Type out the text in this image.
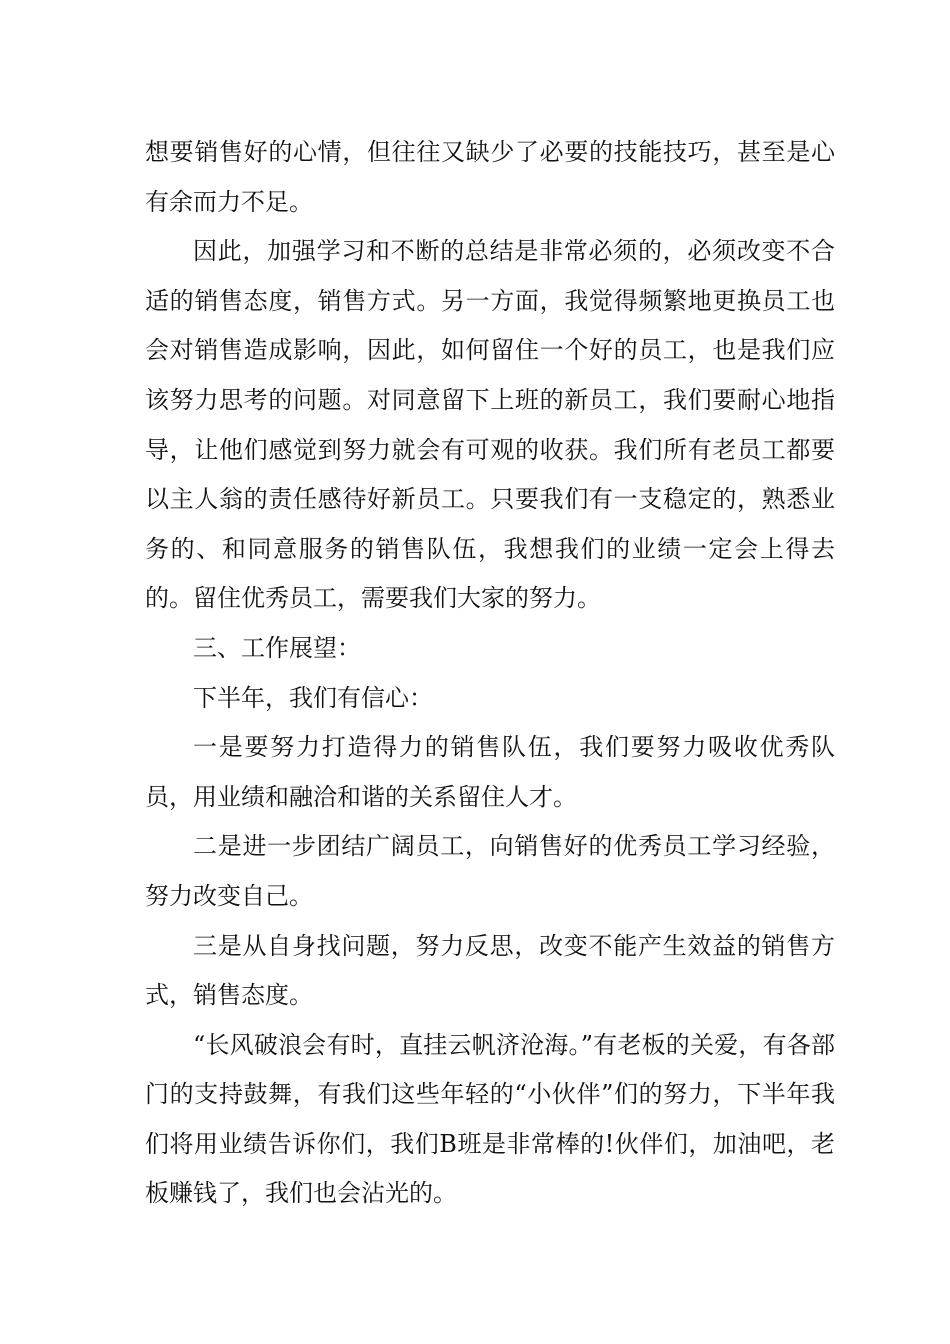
想要销售好的心情，但往往又缺少了必要的技能技巧，甚至是心有余而力不足。

因此，加强学习和不断的总结是非常必须的，必须改变不合适的销售态度，销售方式。另一方面，我觉得频繁地更换员工也会对销售造成影响，因此，如何留住一个好的员工，也是我们应该努力思考的问题。对同意留下上班的新员工，我们要耐心地指导，让他们感觉到努力就会有可观的收获。我们所有老员工都要以主人翁的责任感待好新员工。只要我们有一支稳定的，熟悉业务的、和同意服务的销售队伍，我想我们的业绩一定会上得去的。留住优秀员工，需要我们大家的努力。

三、工作展望：

下半年，我们有信心：

一是要努力打造得力的销售队伍，我们要努力吸收优秀队员，用业绩和融洽和谐的关系留住人才。

二是进一步团结广阔员工，向销售好的优秀员工学习经验，努力改变自己。

三是从自身找问题，努力反思，改变不能产生效益的销售方式，销售态度。

“长风破浪会有时，直挂云帆济沧海。”有老板的关爱，有各部门的支持鼓舞，有我们这些年轻的“小伙伴”们的努力，下半年我们将用业绩告诉你们，我们B班是非常棒的!伙伴们，加油吧，老板赚钱了，我们也会沾光的。
